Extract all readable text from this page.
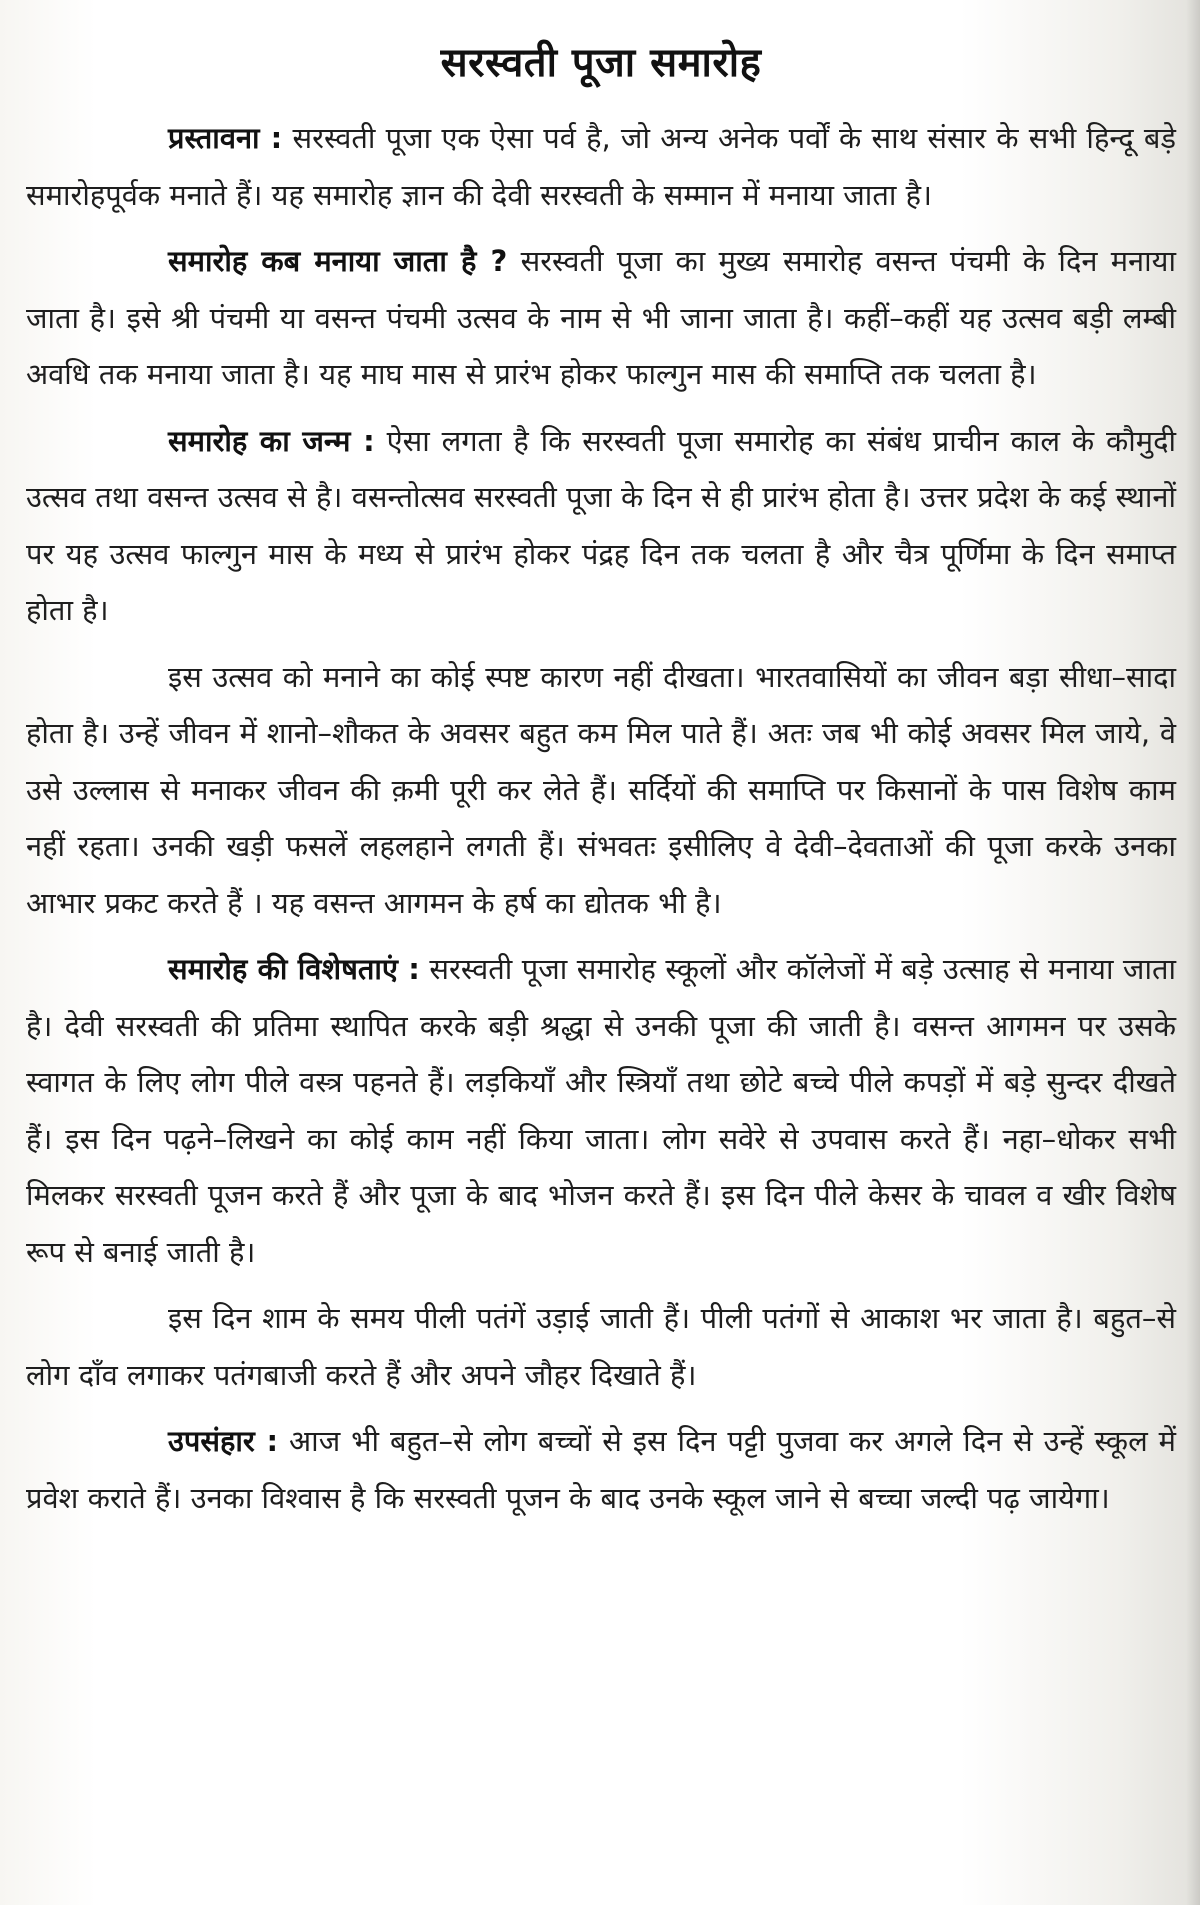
सरस्वती पूजा समारोह

प्रस्तावना : सरस्वती पूजा एक ऐसा पर्व है, जो अन्य अनेक पर्वों के साथ संसार के सभी हिन्दू बड़े समारोहपूर्वक मनाते हैं। यह समारोह ज्ञान की देवी सरस्वती के सम्मान में मनाया जाता है।

समारोह कब मनाया जाता है ? सरस्वती पूजा का मुख्य समारोह वसन्त पंचमी के दिन मनाया जाता है। इसे श्री पंचमी या वसन्त पंचमी उत्सव के नाम से भी जाना जाता है। कहीं–कहीं यह उत्सव बड़ी लम्बी अवधि तक मनाया जाता है। यह माघ मास से प्रारंभ होकर फाल्गुन मास की समाप्ति तक चलता है।

समारोह का जन्म : ऐसा लगता है कि सरस्वती पूजा समारोह का संबंध प्राचीन काल के कौमुदी उत्सव तथा वसन्त उत्सव से है। वसन्तोत्सव सरस्वती पूजा के दिन से ही प्रारंभ होता है। उत्तर प्रदेश के कई स्थानों पर यह उत्सव फाल्गुन मास के मध्य से प्रारंभ होकर पंद्रह दिन तक चलता है और चैत्र पूर्णिमा के दिन समाप्त होता है।

इस उत्सव को मनाने का कोई स्पष्ट कारण नहीं दीखता। भारतवासियों का जीवन बड़ा सीधा–सादा होता है। उन्हें जीवन में शानो–शौकत के अवसर बहुत कम मिल पाते हैं। अतः जब भी कोई अवसर मिल जाये, वे उसे उल्लास से मनाकर जीवन की क़मी पूरी कर लेते हैं। सर्दियों की समाप्ति पर किसानों के पास विशेष काम नहीं रहता। उनकी खड़ी फसलें लहलहाने लगती हैं। संभवतः इसीलिए वे देवी–देवताओं की पूजा करके उनका आभार प्रकट करते हैं । यह वसन्त आगमन के हर्ष का द्योतक भी है।

समारोह की विशेषताएं : सरस्वती पूजा समारोह स्कूलों और कॉलेजों में बड़े उत्साह से मनाया जाता है। देवी सरस्वती की प्रतिमा स्थापित करके बड़ी श्रद्धा से उनकी पूजा की जाती है। वसन्त आगमन पर उसके स्वागत के लिए लोग पीले वस्त्र पहनते हैं। लड़कियाँ और स्त्रियाँ तथा छोटे बच्चे पीले कपड़ों में बड़े सुन्दर दीखते हैं। इस दिन पढ़ने–लिखने का कोई काम नहीं किया जाता। लोग सवेरे से उपवास करते हैं। नहा–धोकर सभी मिलकर सरस्वती पूजन करते हैं और पूजा के बाद भोजन करते हैं। इस दिन पीले केसर के चावल व खीर विशेष रूप से बनाई जाती है।

इस दिन शाम के समय पीली पतंगें उड़ाई जाती हैं। पीली पतंगों से आकाश भर जाता है। बहुत–से लोग दाँव लगाकर पतंगबाजी करते हैं और अपने जौहर दिखाते हैं।

उपसंहार : आज भी बहुत–से लोग बच्चों से इस दिन पट्टी पुजवा कर अगले दिन से उन्हें स्कूल में प्रवेश कराते हैं। उनका विश्वास है कि सरस्वती पूजन के बाद उनके स्कूल जाने से बच्चा जल्दी पढ़ जायेगा।
